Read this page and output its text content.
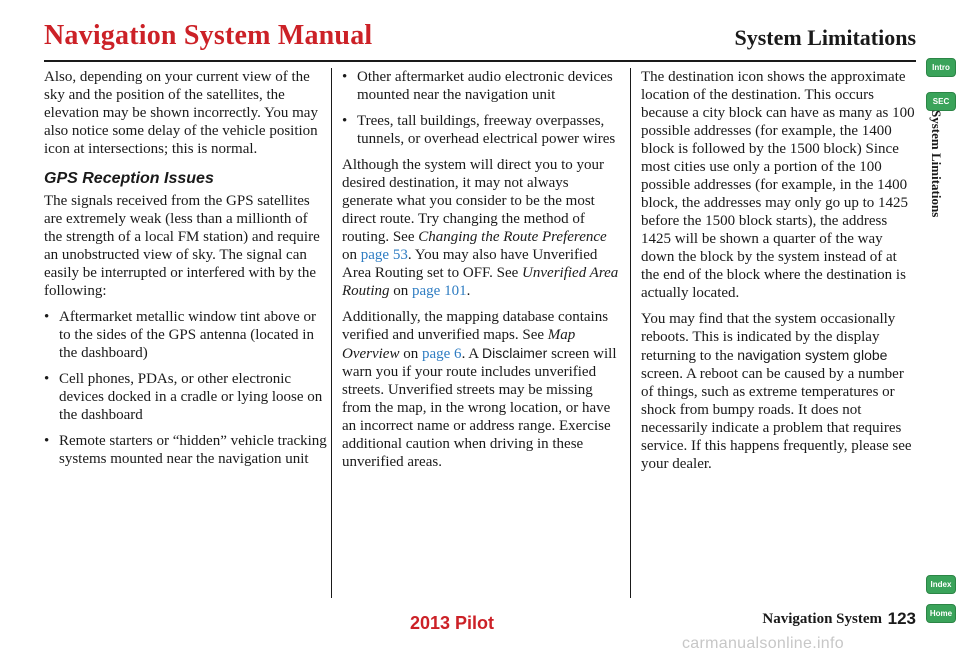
Navigation System Manual	System Limitations

Also, depending on your current view of the sky and the position of the satellites, the elevation may be shown incorrectly. You may also notice some delay of the vehicle position icon at intersections; this is normal.

GPS Reception Issues

The signals received from the GPS satellites are extremely weak (less than a millionth of the strength of a local FM station) and require an unobstructed view of sky. The signal can easily be interrupted or interfered with by the following:

• Aftermarket metallic window tint above or to the sides of the GPS antenna (located in the dashboard)
• Cell phones, PDAs, or other electronic devices docked in a cradle or lying loose on the dashboard
• Remote starters or “hidden” vehicle tracking systems mounted near the navigation unit
• Other aftermarket audio electronic devices mounted near the navigation unit
• Trees, tall buildings, freeway overpasses, tunnels, or overhead electrical power wires

Although the system will direct you to your desired destination, it may not always generate what you consider to be the most direct route. Try changing the method of routing. See Changing the Route Preference on page 53. You may also have Unverified Area Routing set to OFF. See Unverified Area Routing on page 101.

Additionally, the mapping database contains verified and unverified maps. See Map Overview on page 6. A Disclaimer screen will warn you if your route includes unverified streets. Unverified streets may be missing from the map, in the wrong location, or have an incorrect name or address range. Exercise additional caution when driving in these unverified areas.

The destination icon shows the approximate location of the destination. This occurs because a city block can have as many as 100 possible addresses (for example, the 1400 block is followed by the 1500 block) Since most cities use only a portion of the 100 possible addresses (for example, in the 1400 block, the addresses may only go up to 1425 before the 1500 block starts), the address 1425 will be shown a quarter of the way down the block by the system instead of at the end of the block where the destination is actually located.

You may find that the system occasionally reboots. This is indicated by the display returning to the navigation system globe screen. A reboot can be caused by a number of things, such as extreme temperatures or shock from bumpy roads. It does not necessarily indicate a problem that requires service. If this happens frequently, please see your dealer.

Intro
SEC
System Limitations
Index
Home
Navigation System 123
2013 Pilot
carmanualsonline.info
